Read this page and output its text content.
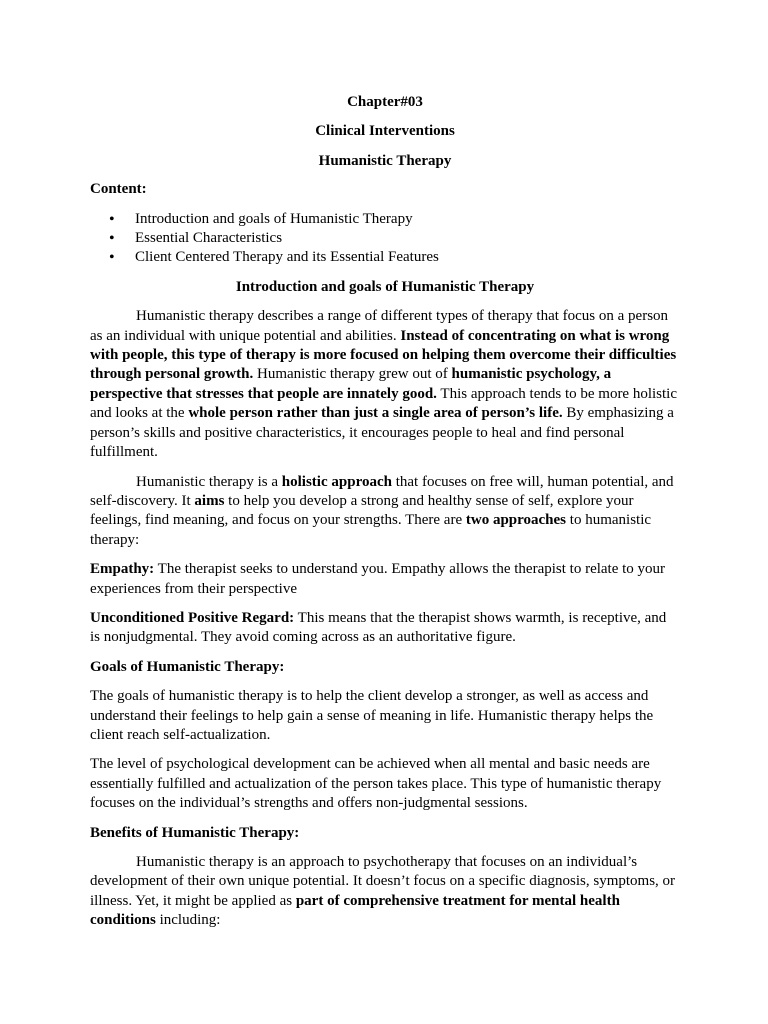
Chapter#03

Clinical Interventions

Humanistic Therapy

Content:

• Introduction and goals of Humanistic Therapy
• Essential Characteristics
• Client Centered Therapy and its Essential Features

Introduction and goals of Humanistic Therapy

Humanistic therapy describes a range of different types of therapy that focus on a person as an individual with unique potential and abilities. Instead of concentrating on what is wrong with people, this type of therapy is more focused on helping them overcome their difficulties through personal growth. Humanistic therapy grew out of humanistic psychology, a perspective that stresses that people are innately good. This approach tends to be more holistic and looks at the whole person rather than just a single area of person’s life. By emphasizing a person’s skills and positive characteristics, it encourages people to heal and find personal fulfillment.

Humanistic therapy is a holistic approach that focuses on free will, human potential, and self-discovery. It aims to help you develop a strong and healthy sense of self, explore your feelings, find meaning, and focus on your strengths. There are two approaches to humanistic therapy:

Empathy: The therapist seeks to understand you. Empathy allows the therapist to relate to your experiences from their perspective

Unconditioned Positive Regard: This means that the therapist shows warmth, is receptive, and is nonjudgmental. They avoid coming across as an authoritative figure.

Goals of Humanistic Therapy:

The goals of humanistic therapy is to help the client develop a stronger, as well as access and understand their feelings to help gain a sense of meaning in life. Humanistic therapy helps the client reach self-actualization.

The level of psychological development can be achieved when all mental and basic needs are essentially fulfilled and actualization of the person takes place. This type of humanistic therapy focuses on the individual’s strengths and offers non-judgmental sessions.

Benefits of Humanistic Therapy:

Humanistic therapy is an approach to psychotherapy that focuses on an individual’s development of their own unique potential. It doesn’t focus on a specific diagnosis, symptoms, or illness. Yet, it might be applied as part of comprehensive treatment for mental health conditions including:
